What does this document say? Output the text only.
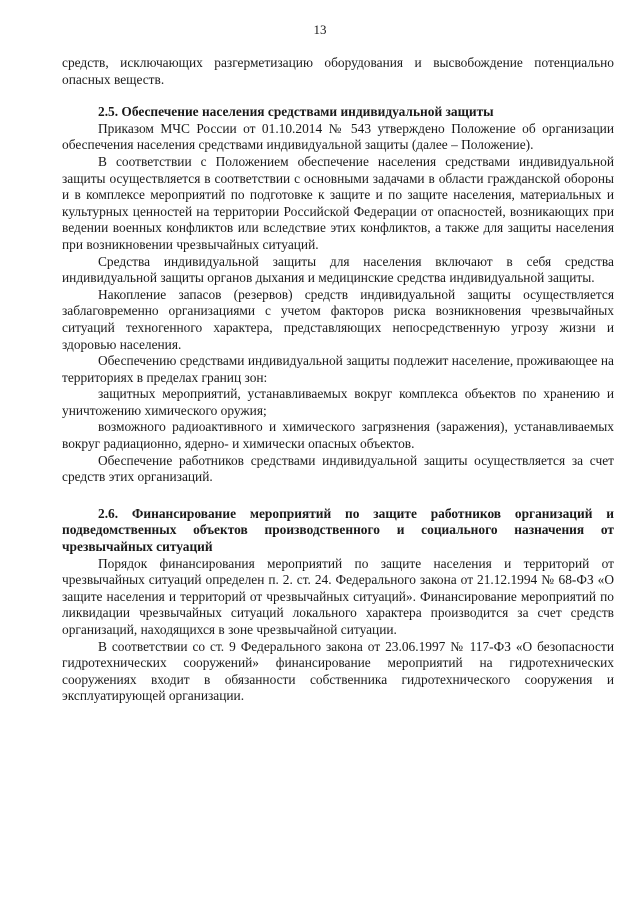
13

средств, исключающих разгерметизацию оборудования и высвобождение потенциально опасных веществ.

2.5. Обеспечение населения средствами индивидуальной защиты

Приказом МЧС России от 01.10.2014 № 543 утверждено Положение об организации обеспечения населения средствами индивидуальной защиты (далее – Положение).

В соответствии с Положением обеспечение населения средствами индивидуальной защиты осуществляется в соответствии с основными задачами в области гражданской обороны и в комплексе мероприятий по подготовке к защите и по защите населения, материальных и культурных ценностей на территории Российской Федерации от опасностей, возникающих при ведении военных конфликтов или вследствие этих конфликтов, а также для защиты населения при возникновении чрезвычайных ситуаций.

Средства индивидуальной защиты для населения включают в себя средства индивидуальной защиты органов дыхания и медицинские средства индивидуальной защиты.

Накопление запасов (резервов) средств индивидуальной защиты осуществляется заблаговременно организациями с учетом факторов риска возникновения чрезвычайных ситуаций техногенного характера, представляющих непосредственную угрозу жизни и здоровью населения.

Обеспечению средствами индивидуальной защиты подлежит население, проживающее на территориях в пределах границ зон:

защитных мероприятий, устанавливаемых вокруг комплекса объектов по хранению и уничтожению химического оружия;

возможного радиоактивного и химического загрязнения (заражения), устанавливаемых вокруг радиационно, ядерно- и химически опасных объектов.

Обеспечение работников средствами индивидуальной защиты осуществляется за счет средств этих организаций.

2.6. Финансирование мероприятий по защите работников организаций и подведомственных объектов производственного и социального назначения от чрезвычайных ситуаций

Порядок финансирования мероприятий по защите населения и территорий от чрезвычайных ситуаций определен п. 2. ст. 24. Федерального закона от 21.12.1994 № 68-ФЗ «О защите населения и территорий от чрезвычайных ситуаций». Финансирование мероприятий по ликвидации чрезвычайных ситуаций локального характера производится за счет средств организаций, находящихся в зоне чрезвычайной ситуации.

В соответствии со ст. 9 Федерального закона от 23.06.1997 № 117-ФЗ «О безопасности гидротехнических сооружений» финансирование мероприятий на гидротехнических сооружениях входит в обязанности собственника гидротехнического сооружения и эксплуатирующей организации.
